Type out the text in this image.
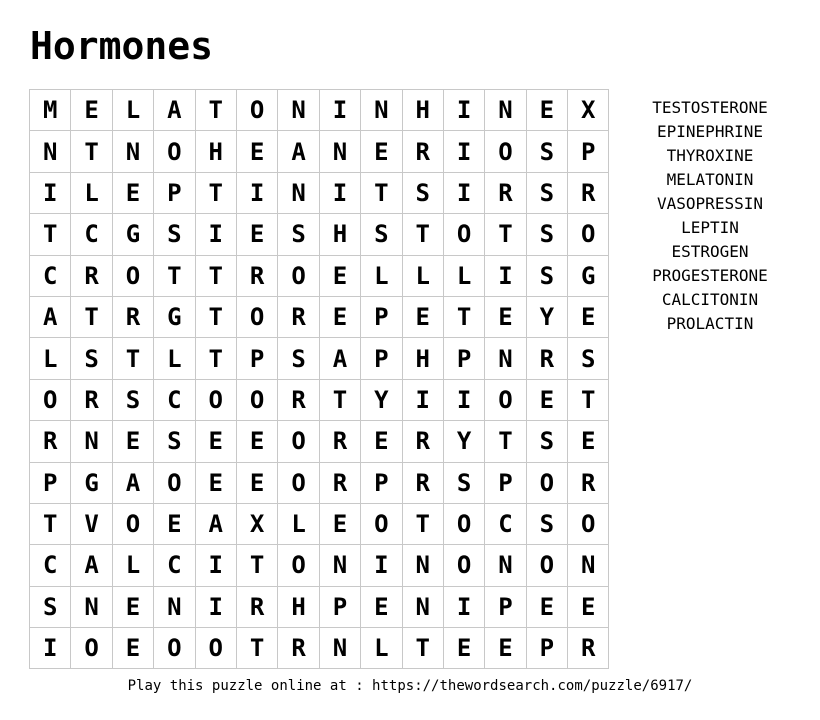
Hormones
M	E	L	A	T	O	N	I	N	H	I	N	E	X
N	T	N	O	H	E	A	N	E	R	I	O	S	P
I	L	E	P	T	I	N	I	T	S	I	R	S	R
T	C	G	S	I	E	S	H	S	T	O	T	S	O
C	R	O	T	T	R	O	E	L	L	L	I	S	G
A	T	R	G	T	O	R	E	P	E	T	E	Y	E
L	S	T	L	T	P	S	A	P	H	P	N	R	S
O	R	S	C	O	O	R	T	Y	I	I	O	E	T
R	N	E	S	E	E	O	R	E	R	Y	T	S	E
P	G	A	O	E	E	O	R	P	R	S	P	O	R
T	V	O	E	A	X	L	E	O	T	O	C	S	O
C	A	L	C	I	T	O	N	I	N	O	N	O	N
S	N	E	N	I	R	H	P	E	N	I	P	E	E
I	O	E	O	O	T	R	N	L	T	E	E	P	R
TESTOSTERONE
EPINEPHRINE
THYROXINE
MELATONIN
VASOPRESSIN
LEPTIN
ESTROGEN
PROGESTERONE
CALCITONIN
PROLACTIN
Play this puzzle online at : https://thewordsearch.com/puzzle/6917/
